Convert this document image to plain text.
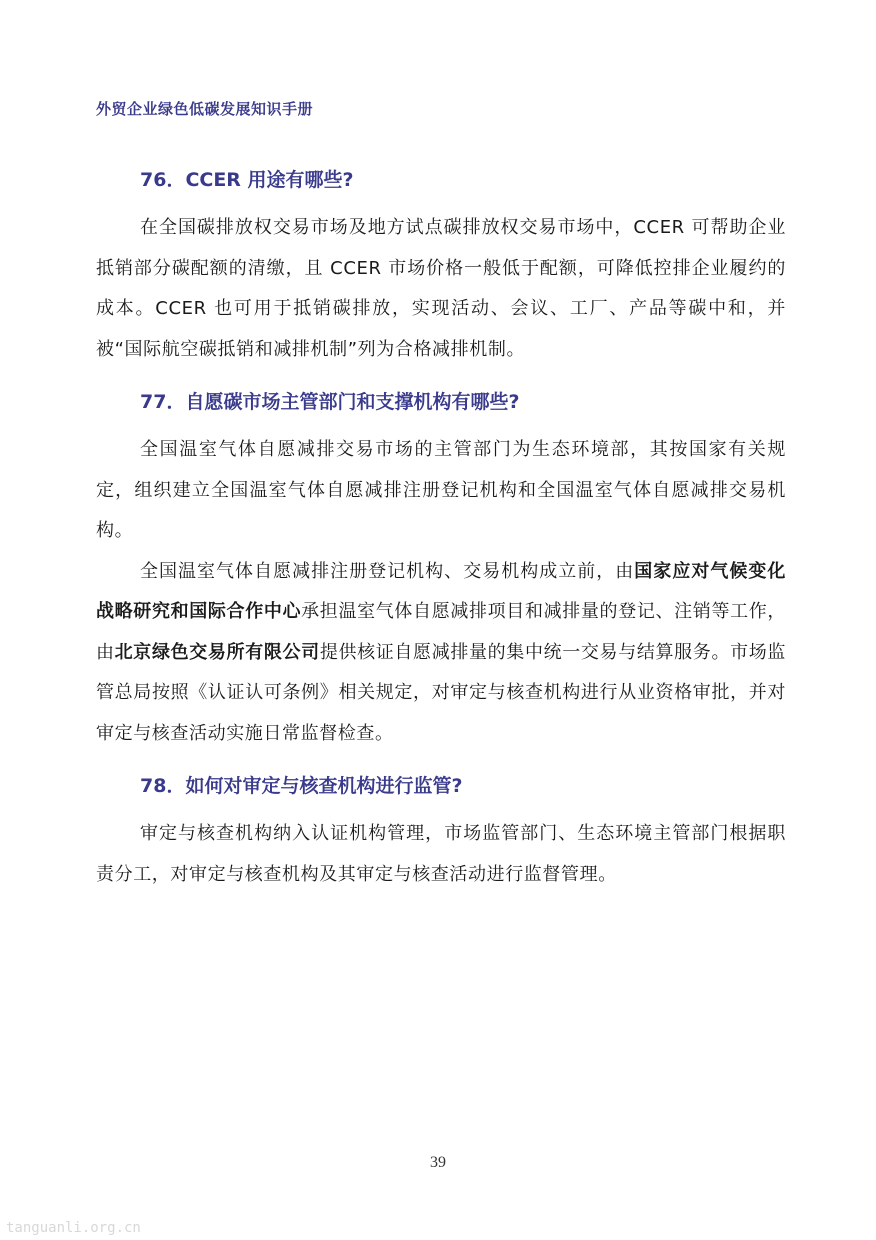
外贸企业绿色低碳发展知识手册
76．CCER 用途有哪些?

在全国碳排放权交易市场及地方试点碳排放权交易市场中，CCER 可帮助企业抵销部分碳配额的清缴，且 CCER 市场价格一般低于配额，可降低控排企业履约的成本。CCER 也可用于抵销碳排放，实现活动、会议、工厂、产品等碳中和，并被“国际航空碳抵销和减排机制”列为合格减排机制。

77．自愿碳市场主管部门和支撑机构有哪些?

全国温室气体自愿减排交易市场的主管部门为生态环境部，其按国家有关规定，组织建立全国温室气体自愿减排注册登记机构和全国温室气体自愿减排交易机构。

全国温室气体自愿减排注册登记机构、交易机构成立前，由国家应对气候变化战略研究和国际合作中心承担温室气体自愿减排项目和减排量的登记、注销等工作，由北京绿色交易所有限公司提供核证自愿减排量的集中统一交易与结算服务。市场监管总局按照《认证认可条例》相关规定，对审定与核查机构进行从业资格审批，并对审定与核查活动实施日常监督检查。

78．如何对审定与核查机构进行监管?

审定与核查机构纳入认证机构管理，市场监管部门、生态环境主管部门根据职责分工，对审定与核查机构及其审定与核查活动进行监督管理。

39
tanguanli.org.cn
